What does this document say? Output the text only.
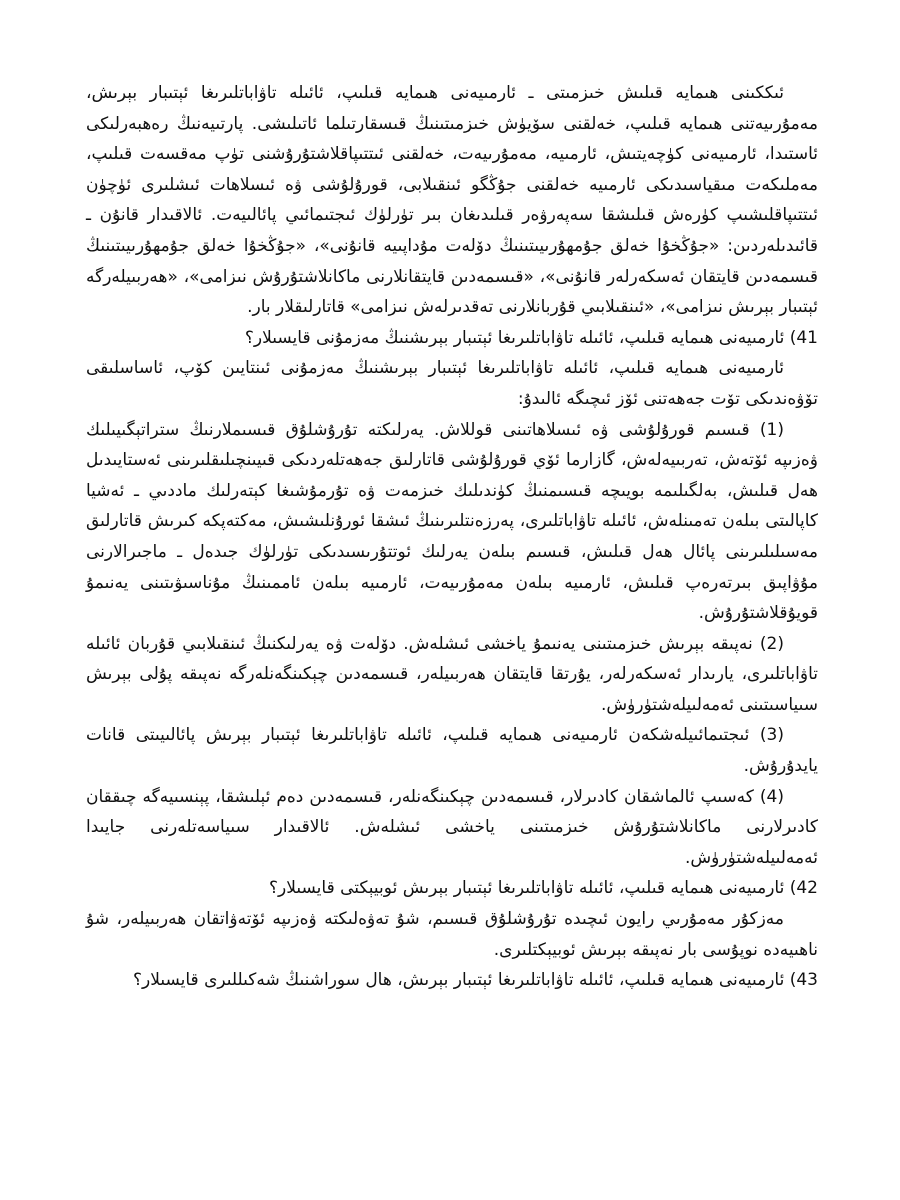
ئىككىنى ھىمايە قىلىش خىزمىتى ـ ئارمىيەنى ھىمايە قىلىپ، ئائىلە تاۋاباتلىرىغا ئېتىبار بېرىش، مەمۇرىيەتنى ھىمايە قىلىپ، خەلقنى سۆيۈش خىزمىتىنىڭ قىسقارتىلما ئاتىلىشى. پارتىيەنىڭ رەھبەرلىكى ئاستىدا، ئارمىيەنى كۈچەيتىش، ئارمىيە، مەمۇرىيەت، خەلقنى ئىتتىپاقلاشتۇرۇشنى تۈپ مەقسەت قىلىپ، مەملىكەت مىقياسىدىكى ئارمىيە خەلقنى جۇڭگو ئىنقىلابى، قورۇلۇشى ۋە ئىسلاھات ئىشلىرى ئۈچۈن ئىتتىپاقلىشىپ كۈرەش قىلىشقا سەپەرۋەر قىلىدىغان بىر تۈرلۈك ئىجتىمائىي پائالىيەت. ئالاقىدار قانۇن ـ قائىدىلەردىن: «جۇڭخۇا خەلق جۇمھۇرىيىتىنىڭ دۆلەت مۇداپىيە قانۇنى»، «جۇڭخۇا خەلق جۇمھۇرىيىتىنىڭ قىسمەدىن قايتقان ئەسكەرلەر قانۇنى»، «قىسمەدىن قايتقانلارنى ماكانلاشتۇرۇش نىزامى»، «ھەربىيلەرگە ئېتىبار بېرىش نىزامى»، «ئىنقىلابىي قۇربانلارنى تەقدىرلەش نىزامى» قاتارلىقلار بار.

41) ئارمىيەنى ھىمايە قىلىپ، ئائىلە تاۋاباتلىرىغا ئېتىبار بېرىشنىڭ مەزمۇنى قايسىلار؟

ئارمىيەنى ھىمايە قىلىپ، ئائىلە تاۋاباتلىرىغا ئېتىبار بېرىشنىڭ مەزمۇنى ئىنتايىن كۆپ، ئاساسلىقى تۆۋەندىكى تۆت جەھەتنى ئۆز ئىچىگە ئالىدۇ:

(1) قىسىم قورۇلۇشى ۋە ئىسلاھاتىنى قوللاش. يەرلىكتە تۇرۇشلۇق قىسىملارنىڭ ستراتېگىيىلىك ۋەزىپە ئۆتەش، تەربىيەلەش، گازارما ئۆي قورۇلۇشى قاتارلىق جەھەتلەردىكى قىيىنچىلىقلىرىنى ئەستايىدىل ھەل قىلىش، بەلگىلىمە بويىچە قىسىمنىڭ كۈندىلىك خىزمەت ۋە تۇرمۇشىغا كېتەرلىك ماددىي ـ ئەشيا كاپالىتى بىلەن تەمىنلەش، ئائىلە تاۋاباتلىرى، پەرزەنتلىرىنىڭ ئىشقا ئورۇنلىشىش، مەكتەپكە كىرىش قاتارلىق مەسىلىلىرىنى پائال ھەل قىلىش، قىسىم بىلەن يەرلىك ئوتتۇرىسىدىكى تۈرلۈك جىدەل ـ ماجىرالارنى مۇۋاپىق بىرتەرەپ قىلىش، ئارمىيە بىلەن مەمۇرىيەت، ئارمىيە بىلەن ئاممىنىڭ مۇناسىۋىتىنى يەنىمۇ قويۇقلاشتۇرۇش.

(2) نەپىقە بېرىش خىزمىتىنى يەنىمۇ ياخشى ئىشلەش. دۆلەت ۋە يەرلىكنىڭ ئىنقىلابىي قۇربان ئائىلە تاۋاباتلىرى، يارىدار ئەسكەرلەر، يۇرتقا قايتقان ھەربىيلەر، قىسمەدىن چېكىنگەنلەرگە نەپىقە پۇلى بېرىش سىياسىتىنى ئەمەلىيلەشتۈرۈش.

(3) ئىجتىمائىيلەشكەن ئارمىيەنى ھىمايە قىلىپ، ئائىلە تاۋاباتلىرىغا ئېتىبار بېرىش پائالىيىتى قانات يايدۇرۇش.

(4) كەسىپ ئالماشقان كادىرلار، قىسمەدىن چېكىنگەنلەر، قىسمەدىن دەم ئېلىشقا، پېنسىيەگە چىققان كادىرلارنى ماكانلاشتۇرۇش خىزمىتىنى ياخشى ئىشلەش. ئالاقىدار سىياسەتلەرنى جايىدا ئەمەلىيلەشتۈرۈش.

42) ئارمىيەنى ھىمايە قىلىپ، ئائىلە تاۋاباتلىرىغا ئېتىبار بېرىش ئوبيېكتى قايسىلار؟

مەزكۇر مەمۇرىي رايون ئىچىدە تۇرۇشلۇق قىسىم، شۇ تەۋەلىكتە ۋەزىپە ئۆتەۋاتقان ھەربىيلەر، شۇ ناھىيەدە نوپۇسى بار نەپىقە بېرىش ئوبيېكتلىرى.

43) ئارمىيەنى ھىمايە قىلىپ، ئائىلە تاۋاباتلىرىغا ئېتىبار بېرىش، ھال سوراشنىڭ شەكىللىرى قايسىلار؟
